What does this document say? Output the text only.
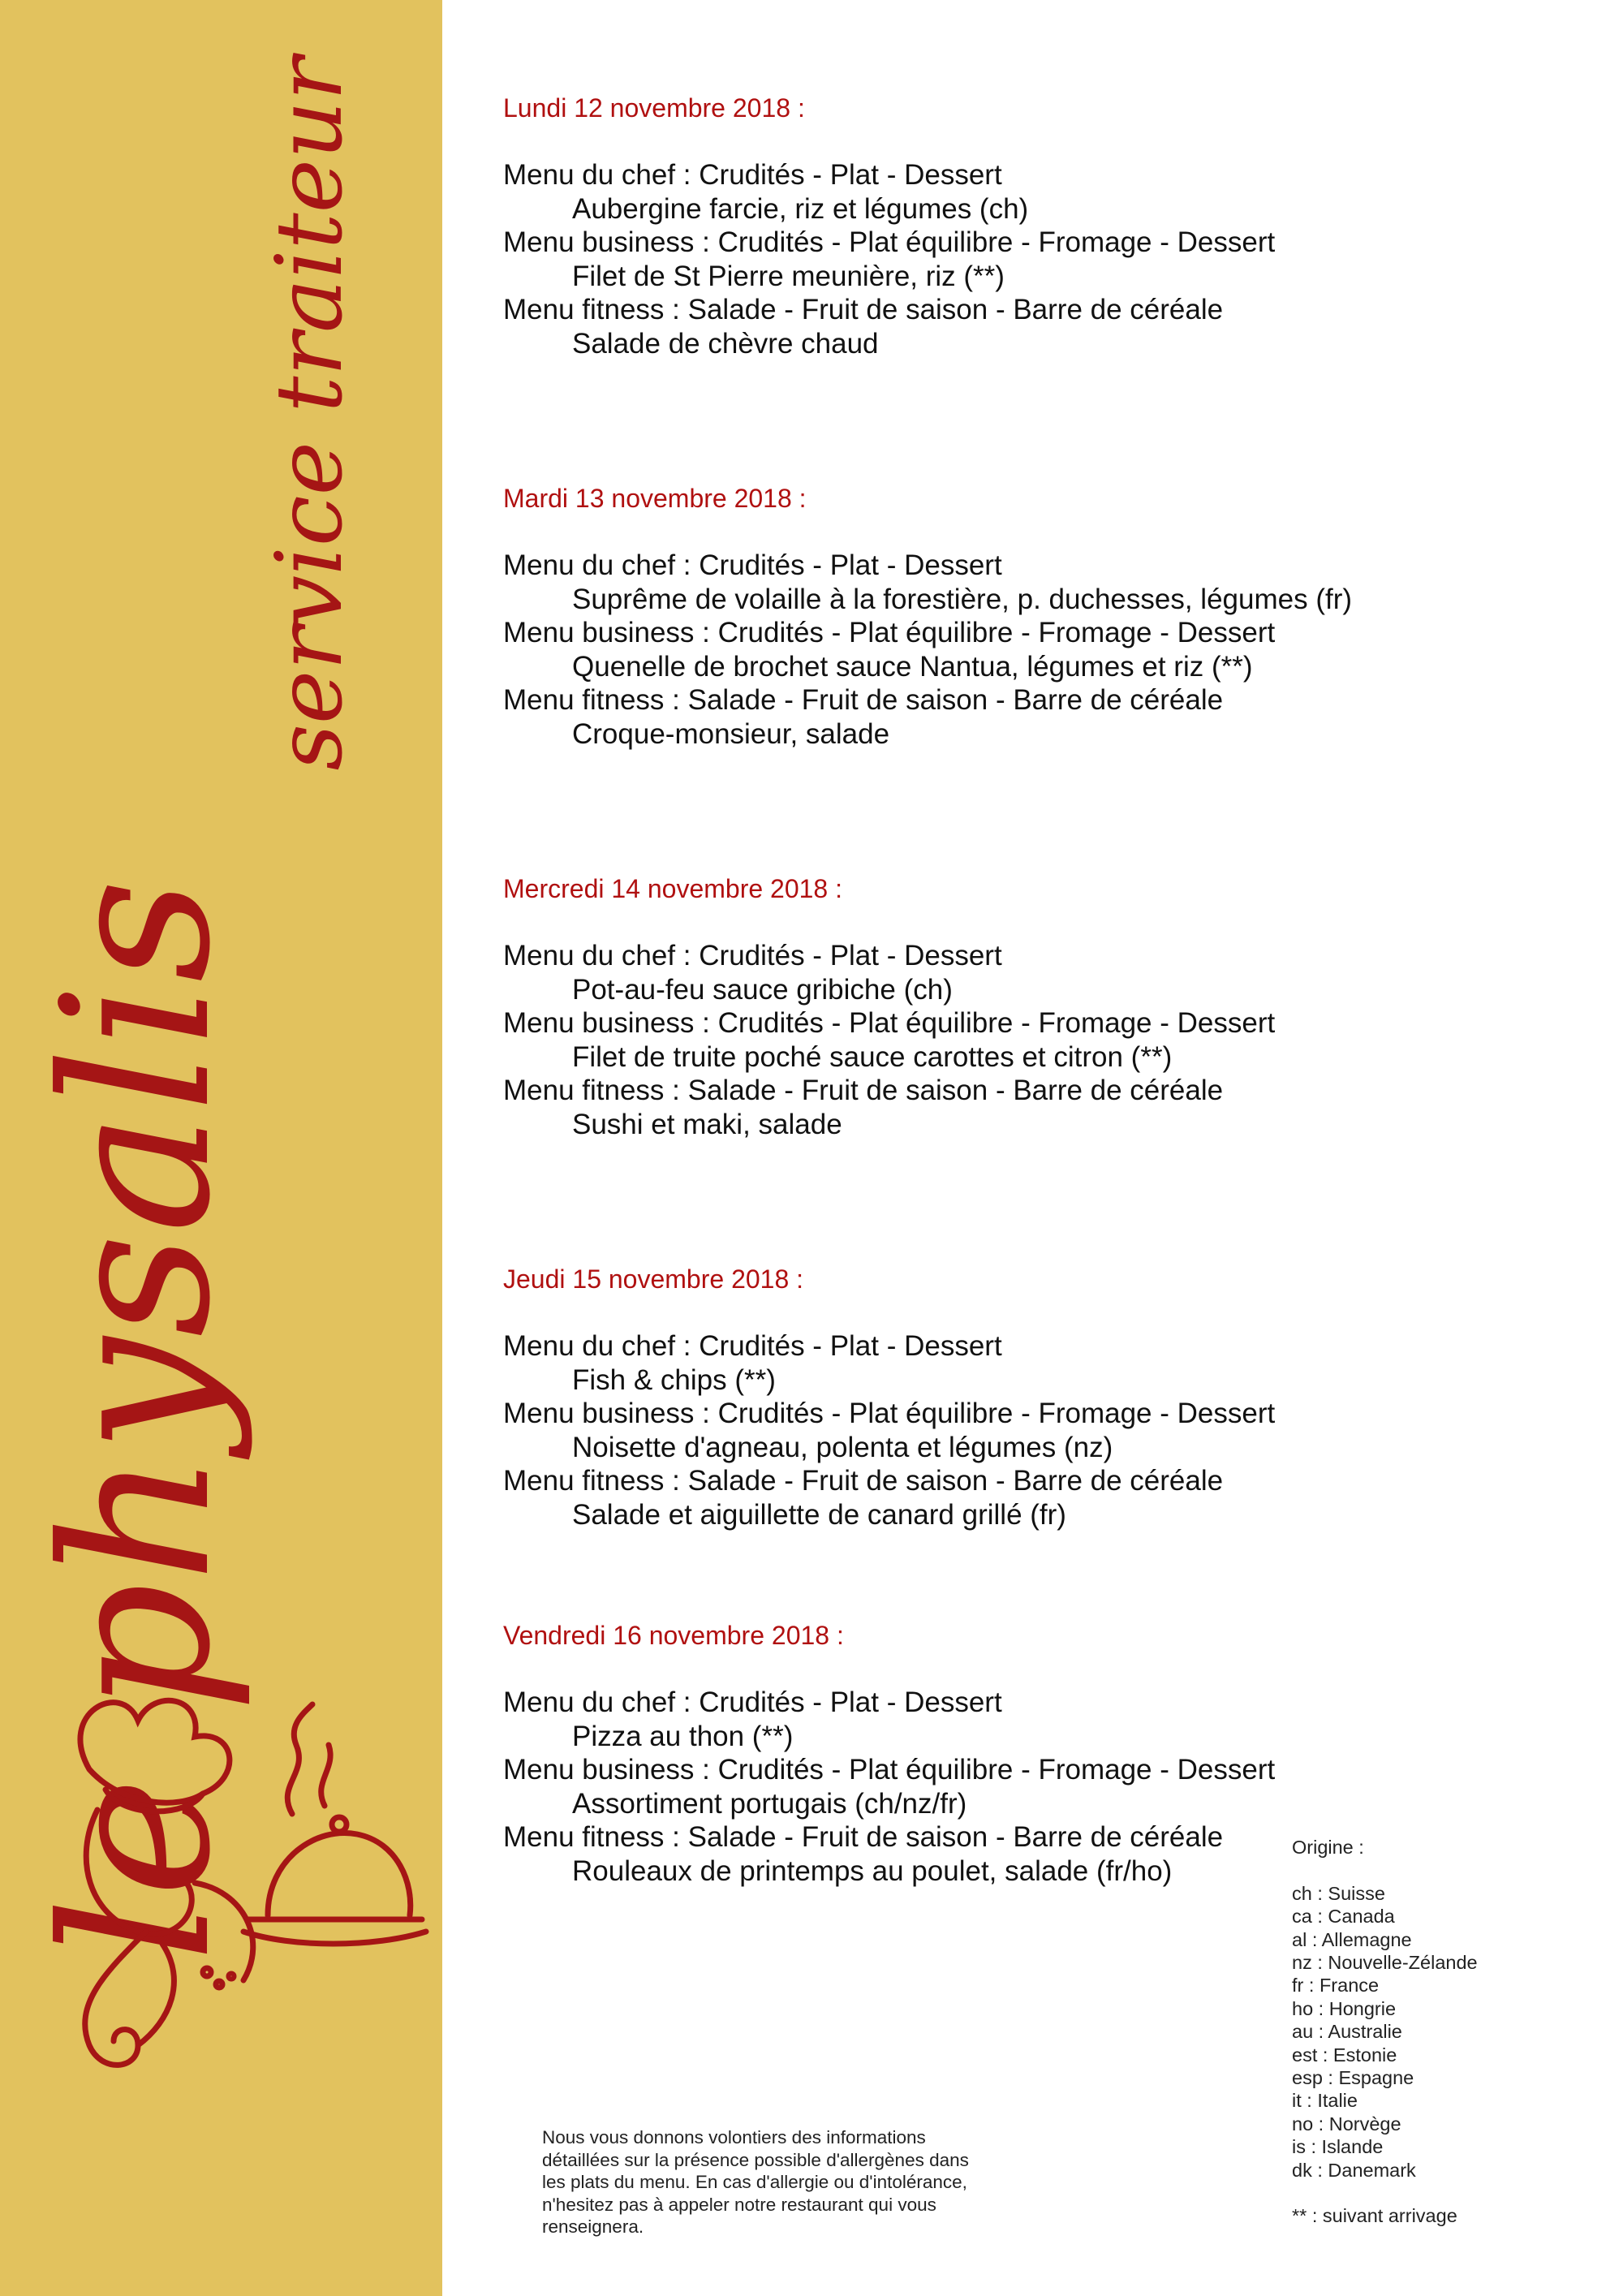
le physalis
service traiteur	Lundi 12 novembre 2018 :
Menu du chef : Crudités - Plat - Dessert
Aubergine farcie, riz et légumes (ch)
Menu business : Crudités - Plat équilibre - Fromage - Dessert
Filet de St Pierre meunière, riz (**)
Menu fitness : Salade - Fruit de saison - Barre de céréale
Salade de chèvre chaud
Mardi 13 novembre 2018 :
Menu du chef : Crudités - Plat - Dessert
Suprême de volaille à la forestière, p. duchesses, légumes (fr)
Menu business : Crudités - Plat équilibre - Fromage - Dessert
Quenelle de brochet sauce Nantua, légumes et riz (**)
Menu fitness : Salade - Fruit de saison - Barre de céréale
Croque-monsieur, salade
Mercredi 14 novembre 2018 :
Menu du chef : Crudités - Plat - Dessert
Pot-au-feu sauce gribiche (ch)
Menu business : Crudités - Plat équilibre - Fromage - Dessert
Filet de truite poché sauce carottes et citron (**)
Menu fitness : Salade - Fruit de saison - Barre de céréale
Sushi et maki, salade
Jeudi 15 novembre 2018 :
Menu du chef : Crudités - Plat - Dessert
Fish & chips (**)
Menu business : Crudités - Plat équilibre - Fromage - Dessert
Noisette d'agneau, polenta et légumes (nz)
Menu fitness : Salade - Fruit de saison - Barre de céréale
Salade et aiguillette de canard grillé (fr)
Vendredi 16 novembre 2018 :
Menu du chef : Crudités - Plat - Dessert
Pizza au thon (**)
Menu business : Crudités - Plat équilibre - Fromage - Dessert
Assortiment portugais (ch/nz/fr)
Menu fitness : Salade - Fruit de saison - Barre de céréale
Rouleaux de printemps au poulet, salade (fr/ho)
Origine :
ch : Suisse
ca : Canada
al : Allemagne
nz : Nouvelle-Zélande
fr : France
ho : Hongrie
au : Australie
est : Estonie
esp : Espagne
it : Italie
no : Norvège
is : Islande
dk : Danemark
** : suivant arrivage
Nous vous donnons volontiers des informations
détaillées sur la présence possible d'allergènes dans
les plats du menu. En cas d'allergie ou d'intolérance,
n'hesitez pas à appeler notre restaurant qui vous
renseignera.
